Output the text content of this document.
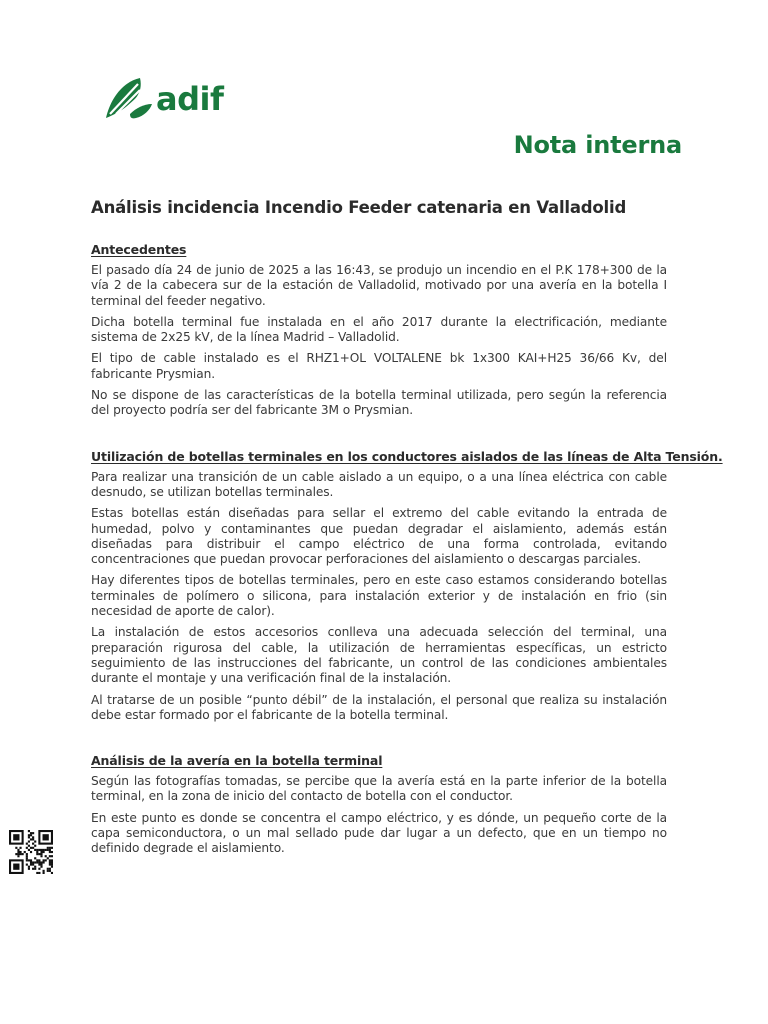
adif
Nota interna
Análisis incidencia Incendio Feeder catenaria en Valladolid
Antecedentes

El pasado día 24 de junio de 2025 a las 16:43, se produjo un incendio en el P.K 178+300 de la vía 2 de la cabecera sur de la estación de Valladolid, motivado por una avería en la botella I terminal del feeder negativo.

Dicha botella terminal fue instalada en el año 2017 durante la electrificación, mediante sistema de 2x25 kV, de la línea Madrid – Valladolid.

El tipo de cable instalado es el RHZ1+OL VOLTALENE bk 1x300 KAI+H25 36/66 Kv, del fabricante Prysmian.

No se dispone de las características de la botella terminal utilizada, pero según la referencia del proyecto podría ser del fabricante 3M o Prysmian.

Utilización de botellas terminales en los conductores aislados de las líneas de Alta Tensión.

Para realizar una transición de un cable aislado a un equipo, o a una línea eléctrica con cable desnudo, se utilizan botellas terminales.

Estas botellas están diseñadas para sellar el extremo del cable evitando la entrada de humedad, polvo y contaminantes que puedan degradar el aislamiento, además están diseñadas para distribuir el campo eléctrico de una forma controlada, evitando concentraciones que puedan provocar perforaciones del aislamiento o descargas parciales.

Hay diferentes tipos de botellas terminales, pero en este caso estamos considerando botellas terminales de polímero o silicona, para instalación exterior y de instalación en frio (sin necesidad de aporte de calor).

La instalación de estos accesorios conlleva una adecuada selección del terminal, una preparación rigurosa del cable, la utilización de herramientas específicas, un estricto seguimiento de las instrucciones del fabricante, un control de las condiciones ambientales durante el montaje y una verificación final de la instalación.

Al tratarse de un posible “punto débil” de la instalación, el personal que realiza su instalación debe estar formado por el fabricante de la botella terminal.

Análisis de la avería en la botella terminal

Según las fotografías tomadas, se percibe que la avería está en la parte inferior de la botella terminal, en la zona de inicio del contacto de botella con el conductor.

En este punto es donde se concentra el campo eléctrico, y es dónde, un pequeño corte de la capa semiconductora, o un mal sellado pude dar lugar a un defecto, que en un tiempo no definido degrade el aislamiento.
